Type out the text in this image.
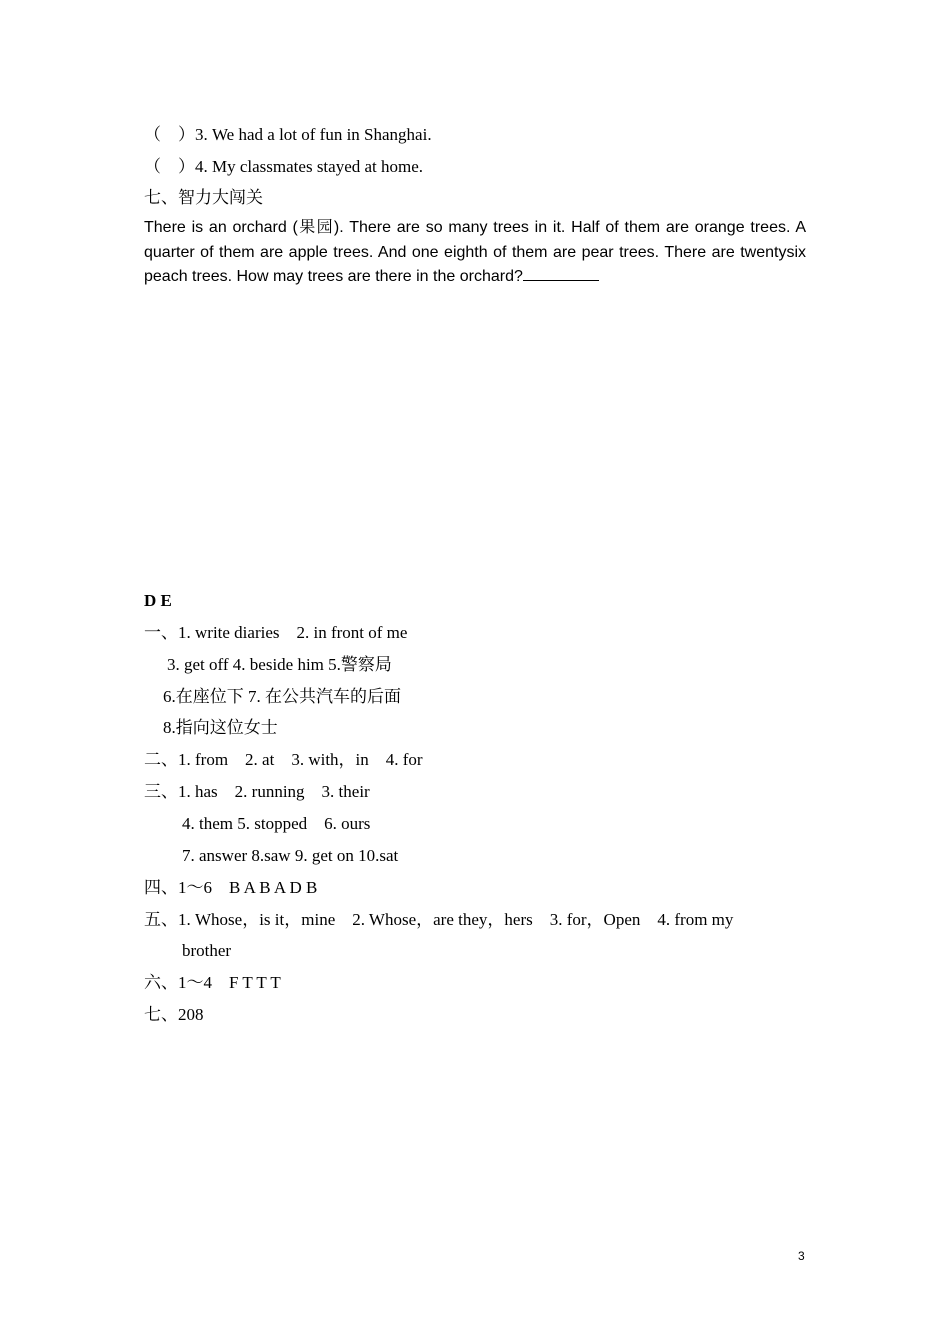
（　）3. We had a lot of fun in Shanghai.
（　）4. My classmates stayed at home.
七、智力大闯关
There is an orchard (果园). There are so many trees in it. Half of them are orange trees. A quarter of them are apple trees. And one eighth of them are pear trees. There are twentysix peach trees. How may trees are there in the orchard?
D E
一、1. write diaries　2. in front of me
3. get off 4. beside him 5.警察局
6.在座位下 7. 在公共汽车的后面
8.指向这位女士
二、1. from　2. at　3. with，in　4. for
三、1. has　2. running　3. their
4. them 5. stopped　6. ours
7. answer 8.saw 9. get on 10.sat
四、1～6　B A B A D B
五、1. Whose，is it，mine　2. Whose，are they，hers　3. for，Open　4. from my
brother
六、1～4　F T T T
七、208
3
